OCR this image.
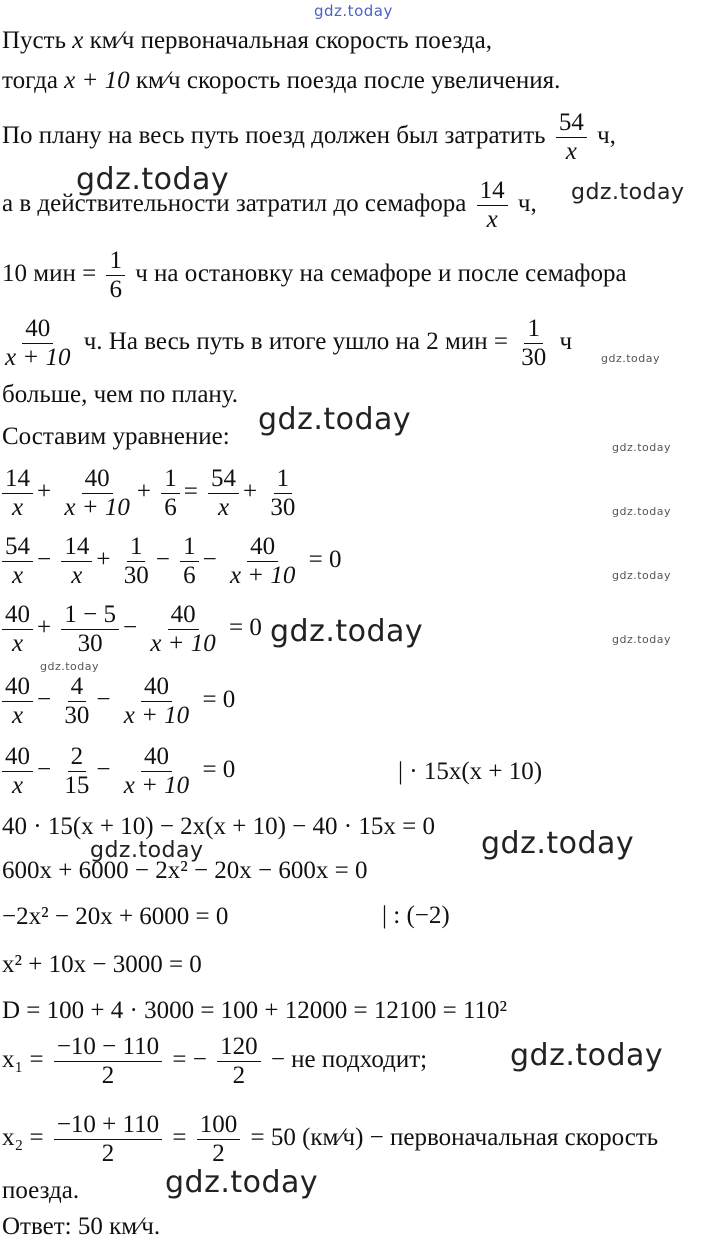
gdz.today
gdz.today	gdz.today
gdz.today
gdz.today
gdz.today
gdz.today
gdz.today
gdz.today	gdz.today
gdz.today
gdz.today
gdz.today
gdz.today
gdz.today
Пусть x км⁄ч первоначальная скорость поезда,
тогда x + 10 км⁄ч скорость поезда после увеличения.
По плану на весь путь поезд должен был затратить $\frac{54}{x} ч$,
а в действительности затратил до семафора $\frac{14}{x} ч$,
10 мин = $\frac{1}{6}$ ч на остановку на семафоре и после семафора
$\frac{40}{x + 10} ч$. На весь путь в итоге ушло на 2 мин = $\frac{1}{30}$ ч
больше, чем по плану.
Составим уравнение:
$\frac{14}{x} + \frac{40}{x + 10} + \frac{1}{6} = \frac{54}{x} + \frac{1}{30}$
$\frac{54}{x} - \frac{14}{x} + \frac{1}{30} - \frac{1}{6} - \frac{40}{x + 10} = 0$
$\frac{40}{x} + \frac{1 - 5}{30} - \frac{40}{x + 10} = 0$
$\frac{40}{x} - \frac{4}{30} - \frac{40}{x + 10} = 0$
$\frac{40}{x} - \frac{2}{15} - \frac{40}{x + 10} = 0$	| · 15x(x + 10)
40 · 15(x + 10) − 2x(x + 10) − 40 · 15x = 0
600x + 6000 − 2x² − 20x − 600x = 0
−2x² − 20x + 6000 = 0	| : (−2)
x² + 10x − 3000 = 0
D = 100 + 4 · 3000 = 100 + 12000 = 12100 = 110²
$x_1 = \frac{-10 - 110}{2}$ = − $\frac{120}{2}$ − не подходит;
$x_2 = \frac{-10 + 110}{2} = \frac{100}{2} = 50$ (км⁄ч) − первоначальная скорость
поезда.
Ответ: 50 км⁄ч.
